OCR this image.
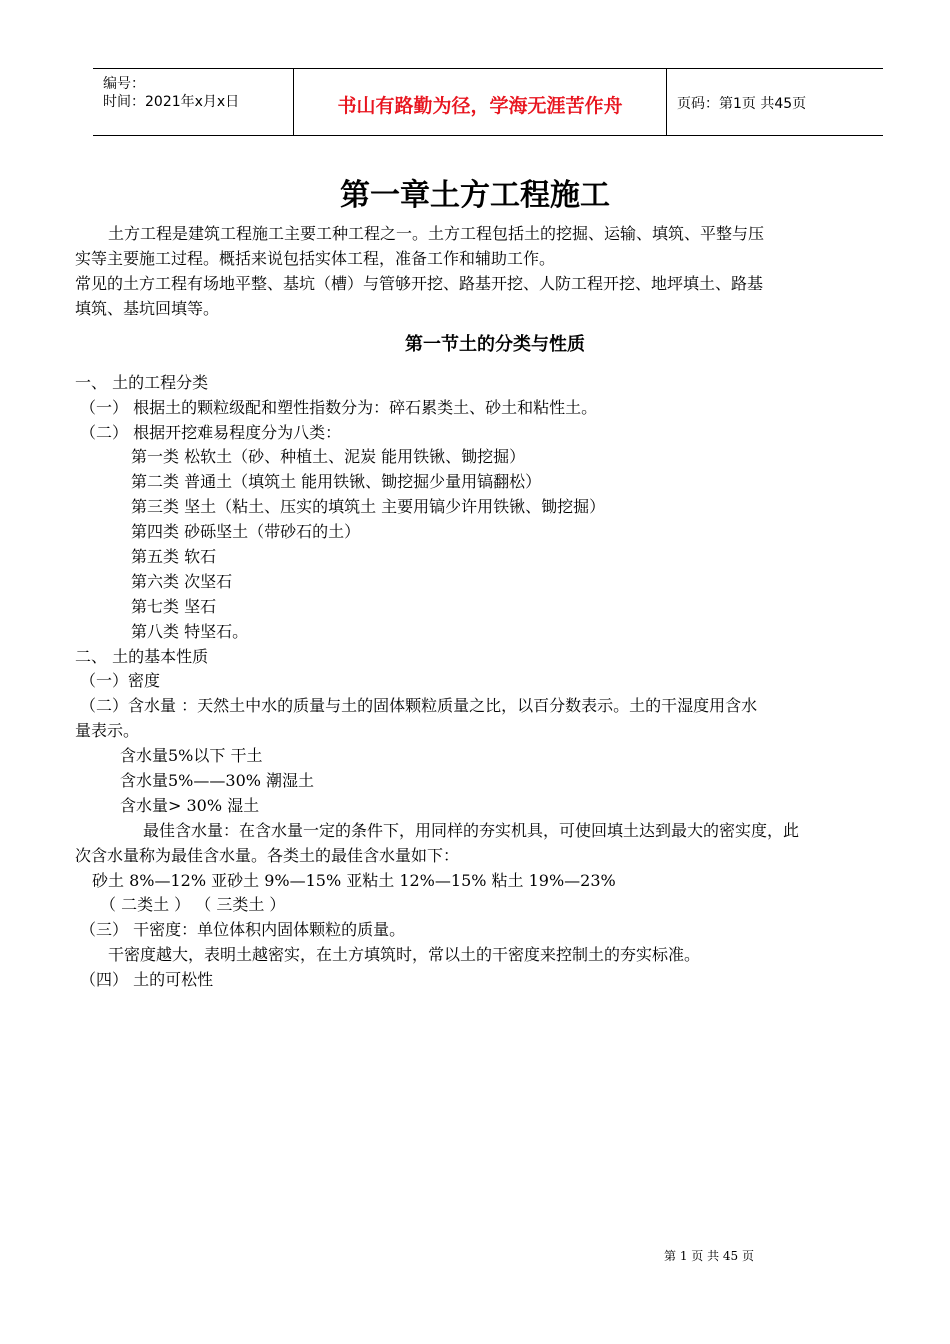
编号：
时间：2021年x月x日	书山有路勤为径，学海无涯苦作舟	页码：第1页 共45页
第一章土方工程施工
土方工程是建筑工程施工主要工种工程之一。土方工程包括土的挖掘、运输、填筑、平整与压
实等主要施工过程。概括来说包括实体工程，准备工作和辅助工作。
常见的土方工程有场地平整、基坑（槽）与管够开挖、路基开挖、人防工程开挖、地坪填土、路基
填筑、基坑回填等。
第一节土的分类与性质
一、 土的工程分类
（一） 根据土的颗粒级配和塑性指数分为：碎石累类土、砂土和粘性土。
（二） 根据开挖难易程度分为八类：
第一类 松软土（砂、种植土、泥炭 能用铁锹、锄挖掘）
第二类 普通土（填筑土 能用铁锹、锄挖掘少量用镐翻松）
第三类 坚土（粘土、压实的填筑土 主要用镐少许用铁锹、锄挖掘）
第四类 砂砾坚土（带砂石的土）
第五类 软石
第六类 次坚石
第七类 坚石
第八类 特坚石。
二、 土的基本性质
（一）密度
（二）含水量 ：天然土中水的质量与土的固体颗粒质量之比，以百分数表示。土的干湿度用含水
量表示。
含水量5%以下 干土
含水量5%——30% 潮湿土
含水量> 30% 湿土
最佳含水量：在含水量一定的条件下，用同样的夯实机具，可使回填土达到最大的密实度，此
次含水量称为最佳含水量。各类土的最佳含水量如下：
砂土 8%—12% 亚砂土 9%—15% 亚粘土 12%—15% 粘土 19%—23%
（ 二类土 ） （ 三类土 ）
（三） 干密度：单位体积内固体颗粒的质量。
干密度越大，表明土越密实，在土方填筑时，常以土的干密度来控制土的夯实标准。
（四） 土的可松性
第 1 页 共 45 页
